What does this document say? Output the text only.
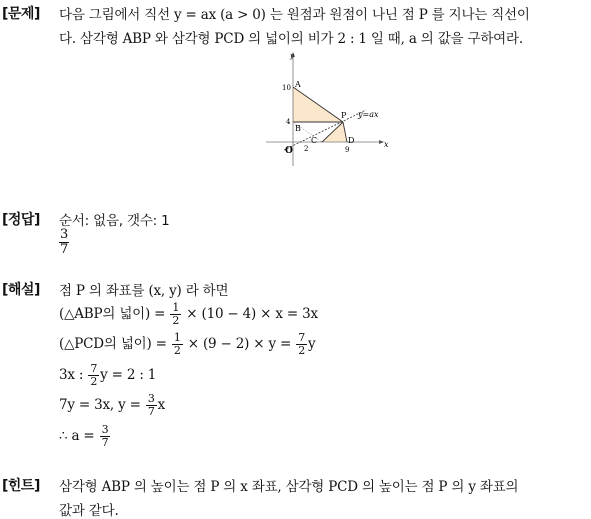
[문제] 다음 그림에서 직선 y = ax (a > 0) 는 원점과 원점이 나닌 점 P 를 지나는 직선이
다. 삼각형 ABP 와 삼각형 PCD 의 넓이의 비가 2 : 1 일 때, a 의 값을 구하여라.
y
x
O
10
4
2	9
A
B
C	D
P y=ax
[정답] 순서: 없음, 갯수: 1
$\frac{3}{7}$
[해설] 점 P 의 좌표를 (x, y) 라 하면
(△ABP의 넓이) = $\frac{1}{2} \times (10 - 4) \times x = 3x$
(△PCD의 넓이) = $\frac{1}{2} \times (9 - 2) \times y = \frac{7}{2}$ y
3x : $\frac{7}{2}$ y = 2 : 1
7y = 3x, $y = \frac{3}{7}$ x
∴ $a = \frac{3}{7}$
[힌트] 삼각형 ABP 의 높이는 점 P 의 x 좌표, 삼각형 PCD 의 높이는 점 P 의 y 좌표의
값과 같다.
